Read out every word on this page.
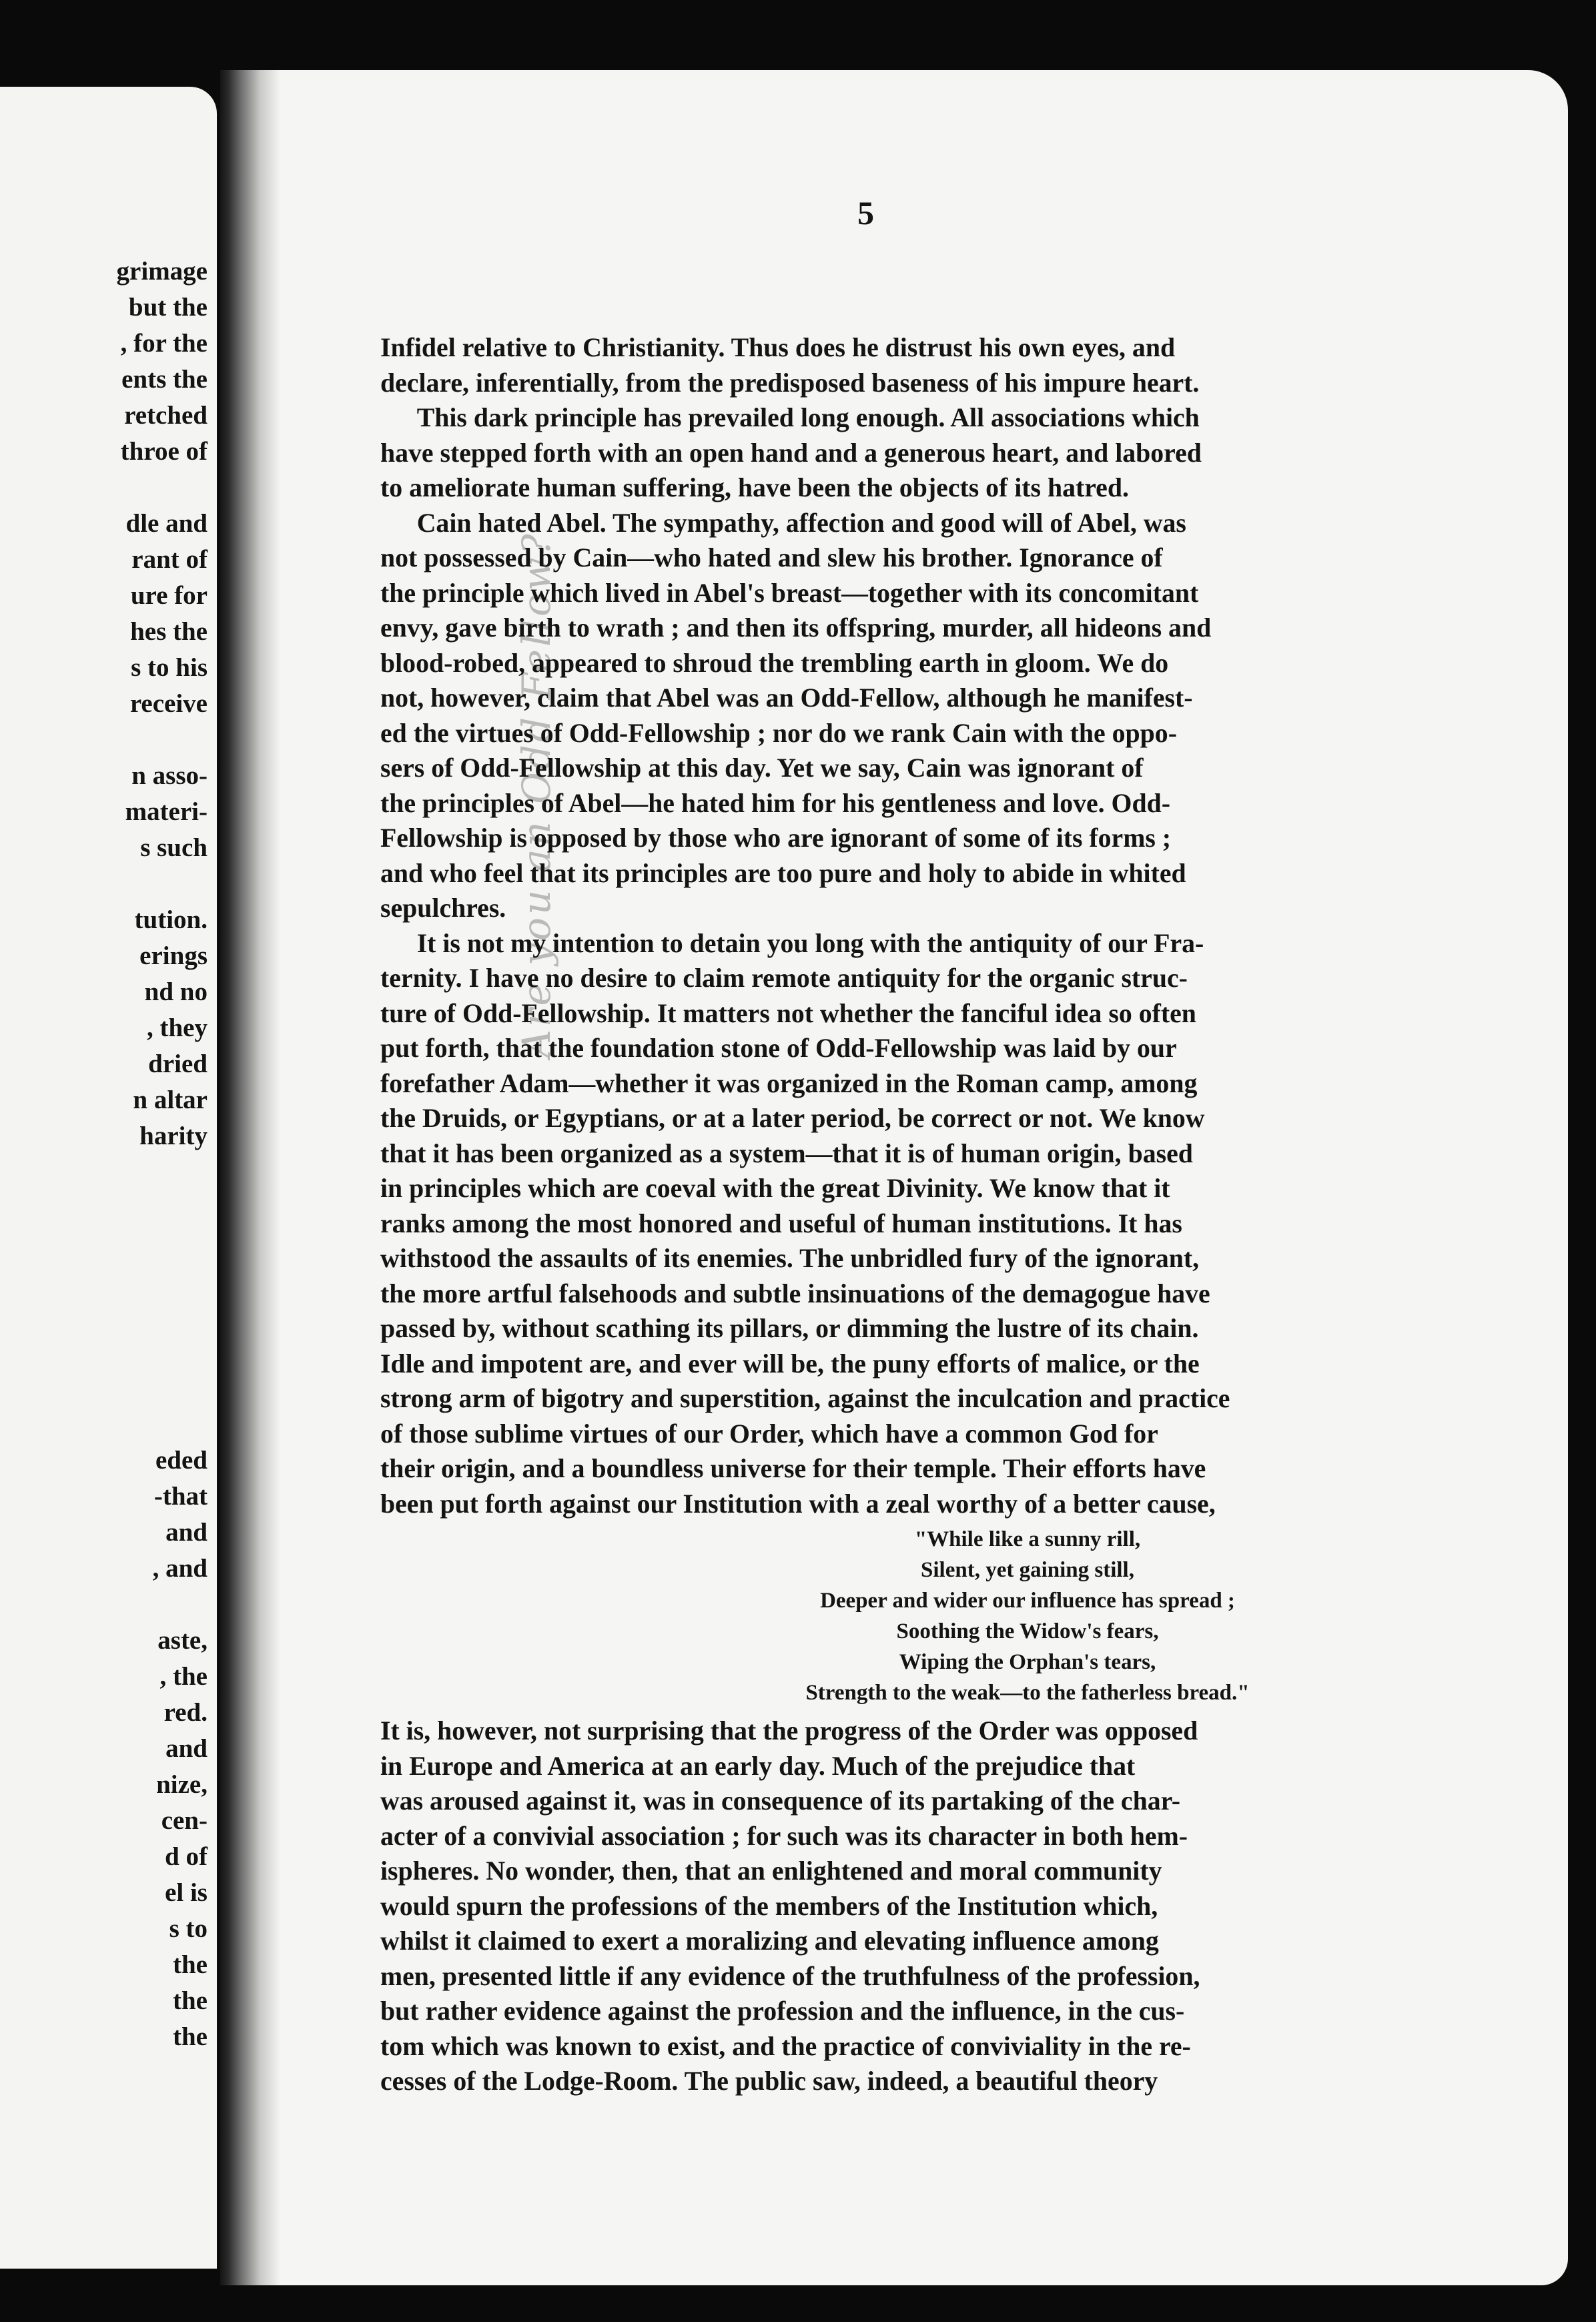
grimage
but the
, for the
ents the
retched
throe of
dle and
rant of
ure for
hes the
s to his
receive
n asso-
materi-
s such
tution.
erings
nd no
, they
dried
n altar
harity
eded
-that
and
, and
aste,
, the
red.
and
nize,
cen-
d of
el is
s to
the
the
the
5
Are you an Odd Fellow?
Infidel relative to Christianity. Thus does he distrust his own eyes, and
declare, inferentially, from the predisposed baseness of his impure heart.
This dark principle has prevailed long enough. All associations which
have stepped forth with an open hand and a generous heart, and labored
to ameliorate human suffering, have been the objects of its hatred.
Cain hated Abel. The sympathy, affection and good will of Abel, was
not possessed by Cain—who hated and slew his brother. Ignorance of
the principle which lived in Abel's breast—together with its concomitant
envy, gave birth to wrath ; and then its offspring, murder, all hideons and
blood-robed, appeared to shroud the trembling earth in gloom. We do
not, however, claim that Abel was an Odd-Fellow, although he manifest-
ed the virtues of Odd-Fellowship ; nor do we rank Cain with the oppo-
sers of Odd-Fellowship at this day. Yet we say, Cain was ignorant of
the principles of Abel—he hated him for his gentleness and love. Odd-
Fellowship is opposed by those who are ignorant of some of its forms ;
and who feel that its principles are too pure and holy to abide in whited
sepulchres.
It is not my intention to detain you long with the antiquity of our Fra-
ternity. I have no desire to claim remote antiquity for the organic struc-
ture of Odd-Fellowship. It matters not whether the fanciful idea so often
put forth, that the foundation stone of Odd-Fellowship was laid by our
forefather Adam—whether it was organized in the Roman camp, among
the Druids, or Egyptians, or at a later period, be correct or not. We know
that it has been organized as a system—that it is of human origin, based
in principles which are coeval with the great Divinity. We know that it
ranks among the most honored and useful of human institutions. It has
withstood the assaults of its enemies. The unbridled fury of the ignorant,
the more artful falsehoods and subtle insinuations of the demagogue have
passed by, without scathing its pillars, or dimming the lustre of its chain.
Idle and impotent are, and ever will be, the puny efforts of malice, or the
strong arm of bigotry and superstition, against the inculcation and practice
of those sublime virtues of our Order, which have a common God for
their origin, and a boundless universe for their temple. Their efforts have
been put forth against our Institution with a zeal worthy of a better cause,
"While like a sunny rill,
Silent, yet gaining still,
Deeper and wider our influence has spread ;
Soothing the Widow's fears,
Wiping the Orphan's tears,
Strength to the weak—to the fatherless bread."
It is, however, not surprising that the progress of the Order was opposed
in Europe and America at an early day. Much of the prejudice that
was aroused against it, was in consequence of its partaking of the char-
acter of a convivial association ; for such was its character in both hem-
ispheres. No wonder, then, that an enlightened and moral community
would spurn the professions of the members of the Institution which,
whilst it claimed to exert a moralizing and elevating influence among
men, presented little if any evidence of the truthfulness of the profession,
but rather evidence against the profession and the influence, in the cus-
tom which was known to exist, and the practice of conviviality in the re-
cesses of the Lodge-Room. The public saw, indeed, a beautiful theory
